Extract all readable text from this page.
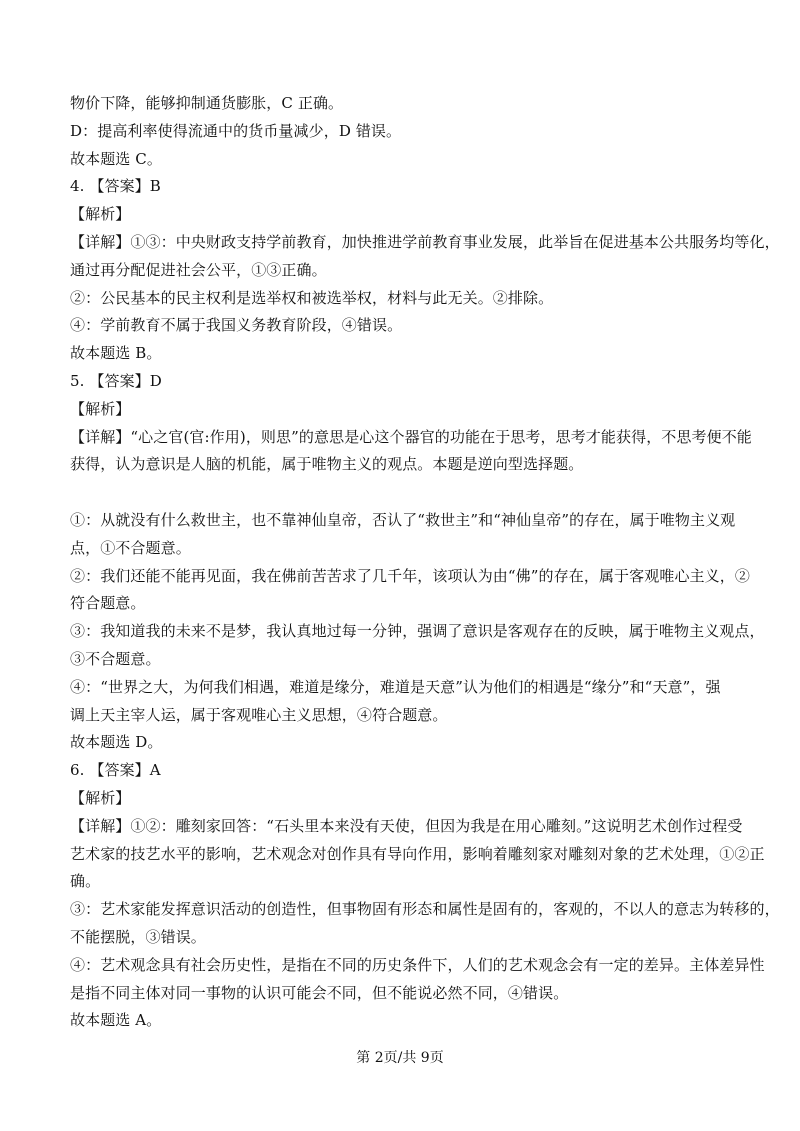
物价下降，能够抑制通货膨胀，C 正确。
D：提高利率使得流通中的货币量减少，D 错误。
故本题选 C。
4. 【答案】B
【解析】
【详解】①③：中央财政支持学前教育，加快推进学前教育事业发展，此举旨在促进基本公共服务均等化，
通过再分配促进社会公平，①③正确。
②：公民基本的民主权利是选举权和被选举权，材料与此无关。②排除。
④：学前教育不属于我国义务教育阶段，④错误。
故本题选 B。
5. 【答案】D
【解析】
【详解】“心之官(官:作用)，则思”的意思是心这个器官的功能在于思考，思考才能获得，不思考便不能
获得，认为意识是人脑的机能，属于唯物主义的观点。本题是逆向型选择题。
①：从就没有什么救世主，也不靠神仙皇帝，否认了“救世主”和“神仙皇帝”的存在，属于唯物主义观
点，①不合题意。
②：我们还能不能再见面，我在佛前苦苦求了几千年，该项认为由“佛”的存在，属于客观唯心主义，②
符合题意。
③：我知道我的未来不是梦，我认真地过每一分钟，强调了意识是客观存在的反映，属于唯物主义观点，
③不合题意。
④：“世界之大，为何我们相遇，难道是缘分，难道是天意”认为他们的相遇是“缘分”和“天意”，强
调上天主宰人运，属于客观唯心主义思想，④符合题意。
故本题选 D。
6. 【答案】A
【解析】
【详解】①②：雕刻家回答：“石头里本来没有天使，但因为我是在用心雕刻。”这说明艺术创作过程受
艺术家的技艺水平的影响，艺术观念对创作具有导向作用，影响着雕刻家对雕刻对象的艺术处理，①②正
确。
③：艺术家能发挥意识活动的创造性，但事物固有形态和属性是固有的，客观的，不以人的意志为转移的，
不能摆脱，③错误。
④：艺术观念具有社会历史性，是指在不同的历史条件下，人们的艺术观念会有一定的差异。主体差异性
是指不同主体对同一事物的认识可能会不同，但不能说必然不同，④错误。
故本题选 A。
第 2页/共 9页
